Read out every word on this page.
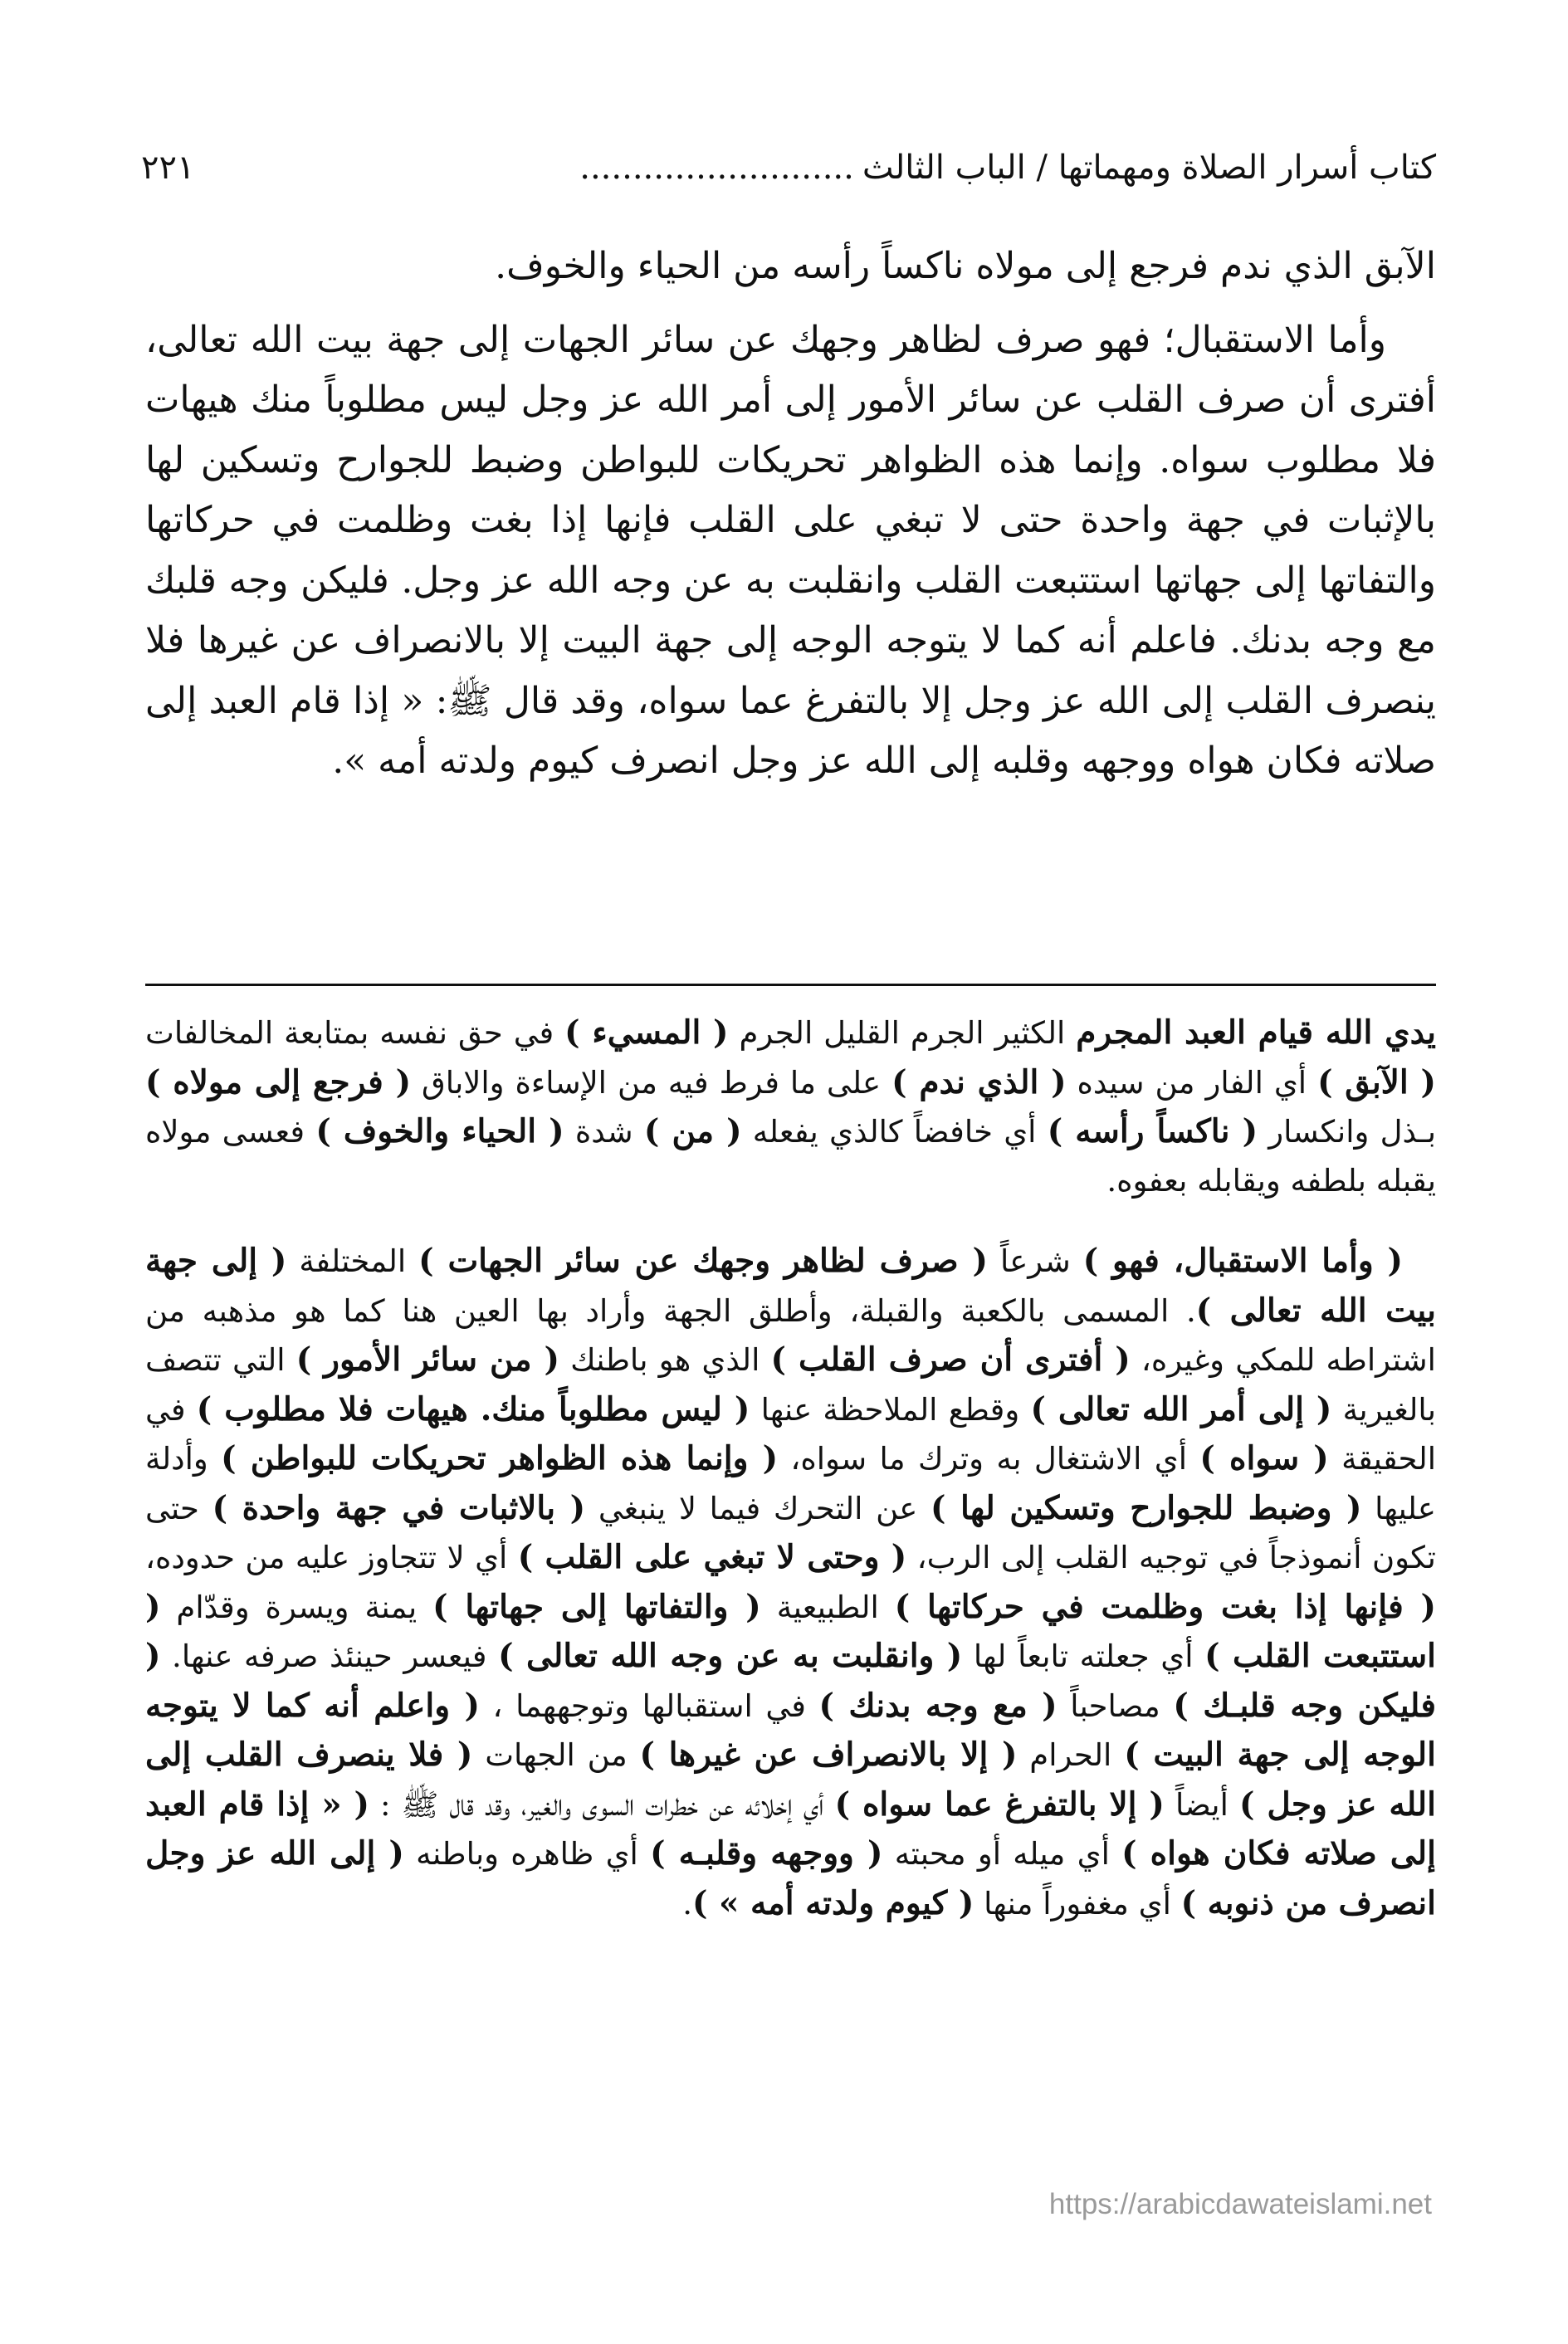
كتاب أسرار الصلاة ومهماتها / الباب الثالث..........................
٢٢١

الآبق الذي ندم فرجع إلى مولاه ناكساً رأسه من الحياء والخوف.

وأما الاستقبال؛ فهو صرف لظاهر وجهك عن سائر الجهات إلى جهة بيت الله تعالى، أفترى أن صرف القلب عن سائر الأمور إلى أمر الله عز وجل ليس مطلوباً منك هيهات فلا مطلوب سواه. وإنما هذه الظواهر تحريكات للبواطن وضبط للجوارح وتسكين لها بالإثبات في جهة واحدة حتى لا تبغي على القلب فإنها إذا بغت وظلمت في حركاتها والتفاتها إلى جهاتها استتبعت القلب وانقلبت به عن وجه الله عز وجل. فليكن وجه قلبك مع وجه بدنك. فاعلم أنه كما لا يتوجه الوجه إلى جهة البيت إلا بالانصراف عن غيرها فلا ينصرف القلب إلى الله عز وجل إلا بالتفرغ عما سواه، وقد قال ﷺ: « إذا قام العبد إلى صلاته فكان هواه ووجهه وقلبه إلى الله عز وجل انصرف كيوم ولدته أمه ».

يدي الله قيام العبد المجرم الكثير الجرم القليل الجرم ( المسيء ) في حق نفسه بمتابعة المخالفات ( الآبق ) أي الفار من سيده ( الذي ندم ) على ما فرط فيه من الإساءة والاباق ( فرجع إلى مولاه ) بـذل وانكسار ( ناكساً رأسه ) أي خافضاً كالذي يفعله ( من ) شدة ( الحياء والخوف ) فعسى مولاه يقبله بلطفه ويقابله بعفوه.

( وأما الاستقبال، فهو ) شرعاً ( صرف لظاهر وجهك عن سائر الجهات ) المختلفة ( إلى جهة بيت الله تعالى ). المسمى بالكعبة والقبلة، وأطلق الجهة وأراد بها العين هنا كما هو مذهبه من اشتراطه للمكي وغيره، ( أفترى أن صرف القلب ) الذي هو باطنك ( من سائر الأمور ) التي تتصف بالغيرية ( إلى أمر الله تعالى ) وقطع الملاحظة عنها ( ليس مطلوباً منك. هيهات فلا مطلوب ) في الحقيقة ( سواه ) أي الاشتغال به وترك ما سواه، ( وإنما هذه الظواهر تحريكات للبواطن ) وأدلة عليها ( وضبط للجوارح وتسكين لها ) عن التحرك فيما لا ينبغي ( بالاثبات في جهة واحدة ) حتى تكون أنموذجاً في توجيه القلب إلى الرب، ( وحتى لا تبغي على القلب ) أي لا تتجاوز عليه من حدوده، ( فإنها إذا بغت وظلمت في حركاتها ) الطبيعية ( والتفاتها إلى جهاتها ) يمنة ويسرة وقدّام ( استتبعت القلب ) أي جعلته تابعاً لها ( وانقلبت به عن وجه الله تعالى ) فيعسر حينئذ صرفه عنها. ( فليكن وجه قلبـك ) مصاحباً ( مع وجه بدنك ) في استقبالها وتوجههما ، ( واعلم أنه كما لا يتوجه الوجه إلى جهة البيت ) الحرام ( إلا بالانصراف عن غيرها ) من الجهات ( فلا ينصرف القلب إلى الله عز وجل ) أيضاً ( إلا بالتفرغ عما سواه ) أي إخلائه عن خطرات السوى والغير، وقد قال ﷺ : ( « إذا قام العبد إلى صلاته فكان هواه ) أي ميله أو محبته ( ووجهه وقلبـه ) أي ظاهره وباطنه ( إلى الله عز وجل انصرف من ذنوبه ) أي مغفوراً منها ( كيوم ولدته أمه » ).

https://arabicdawateislami.net
